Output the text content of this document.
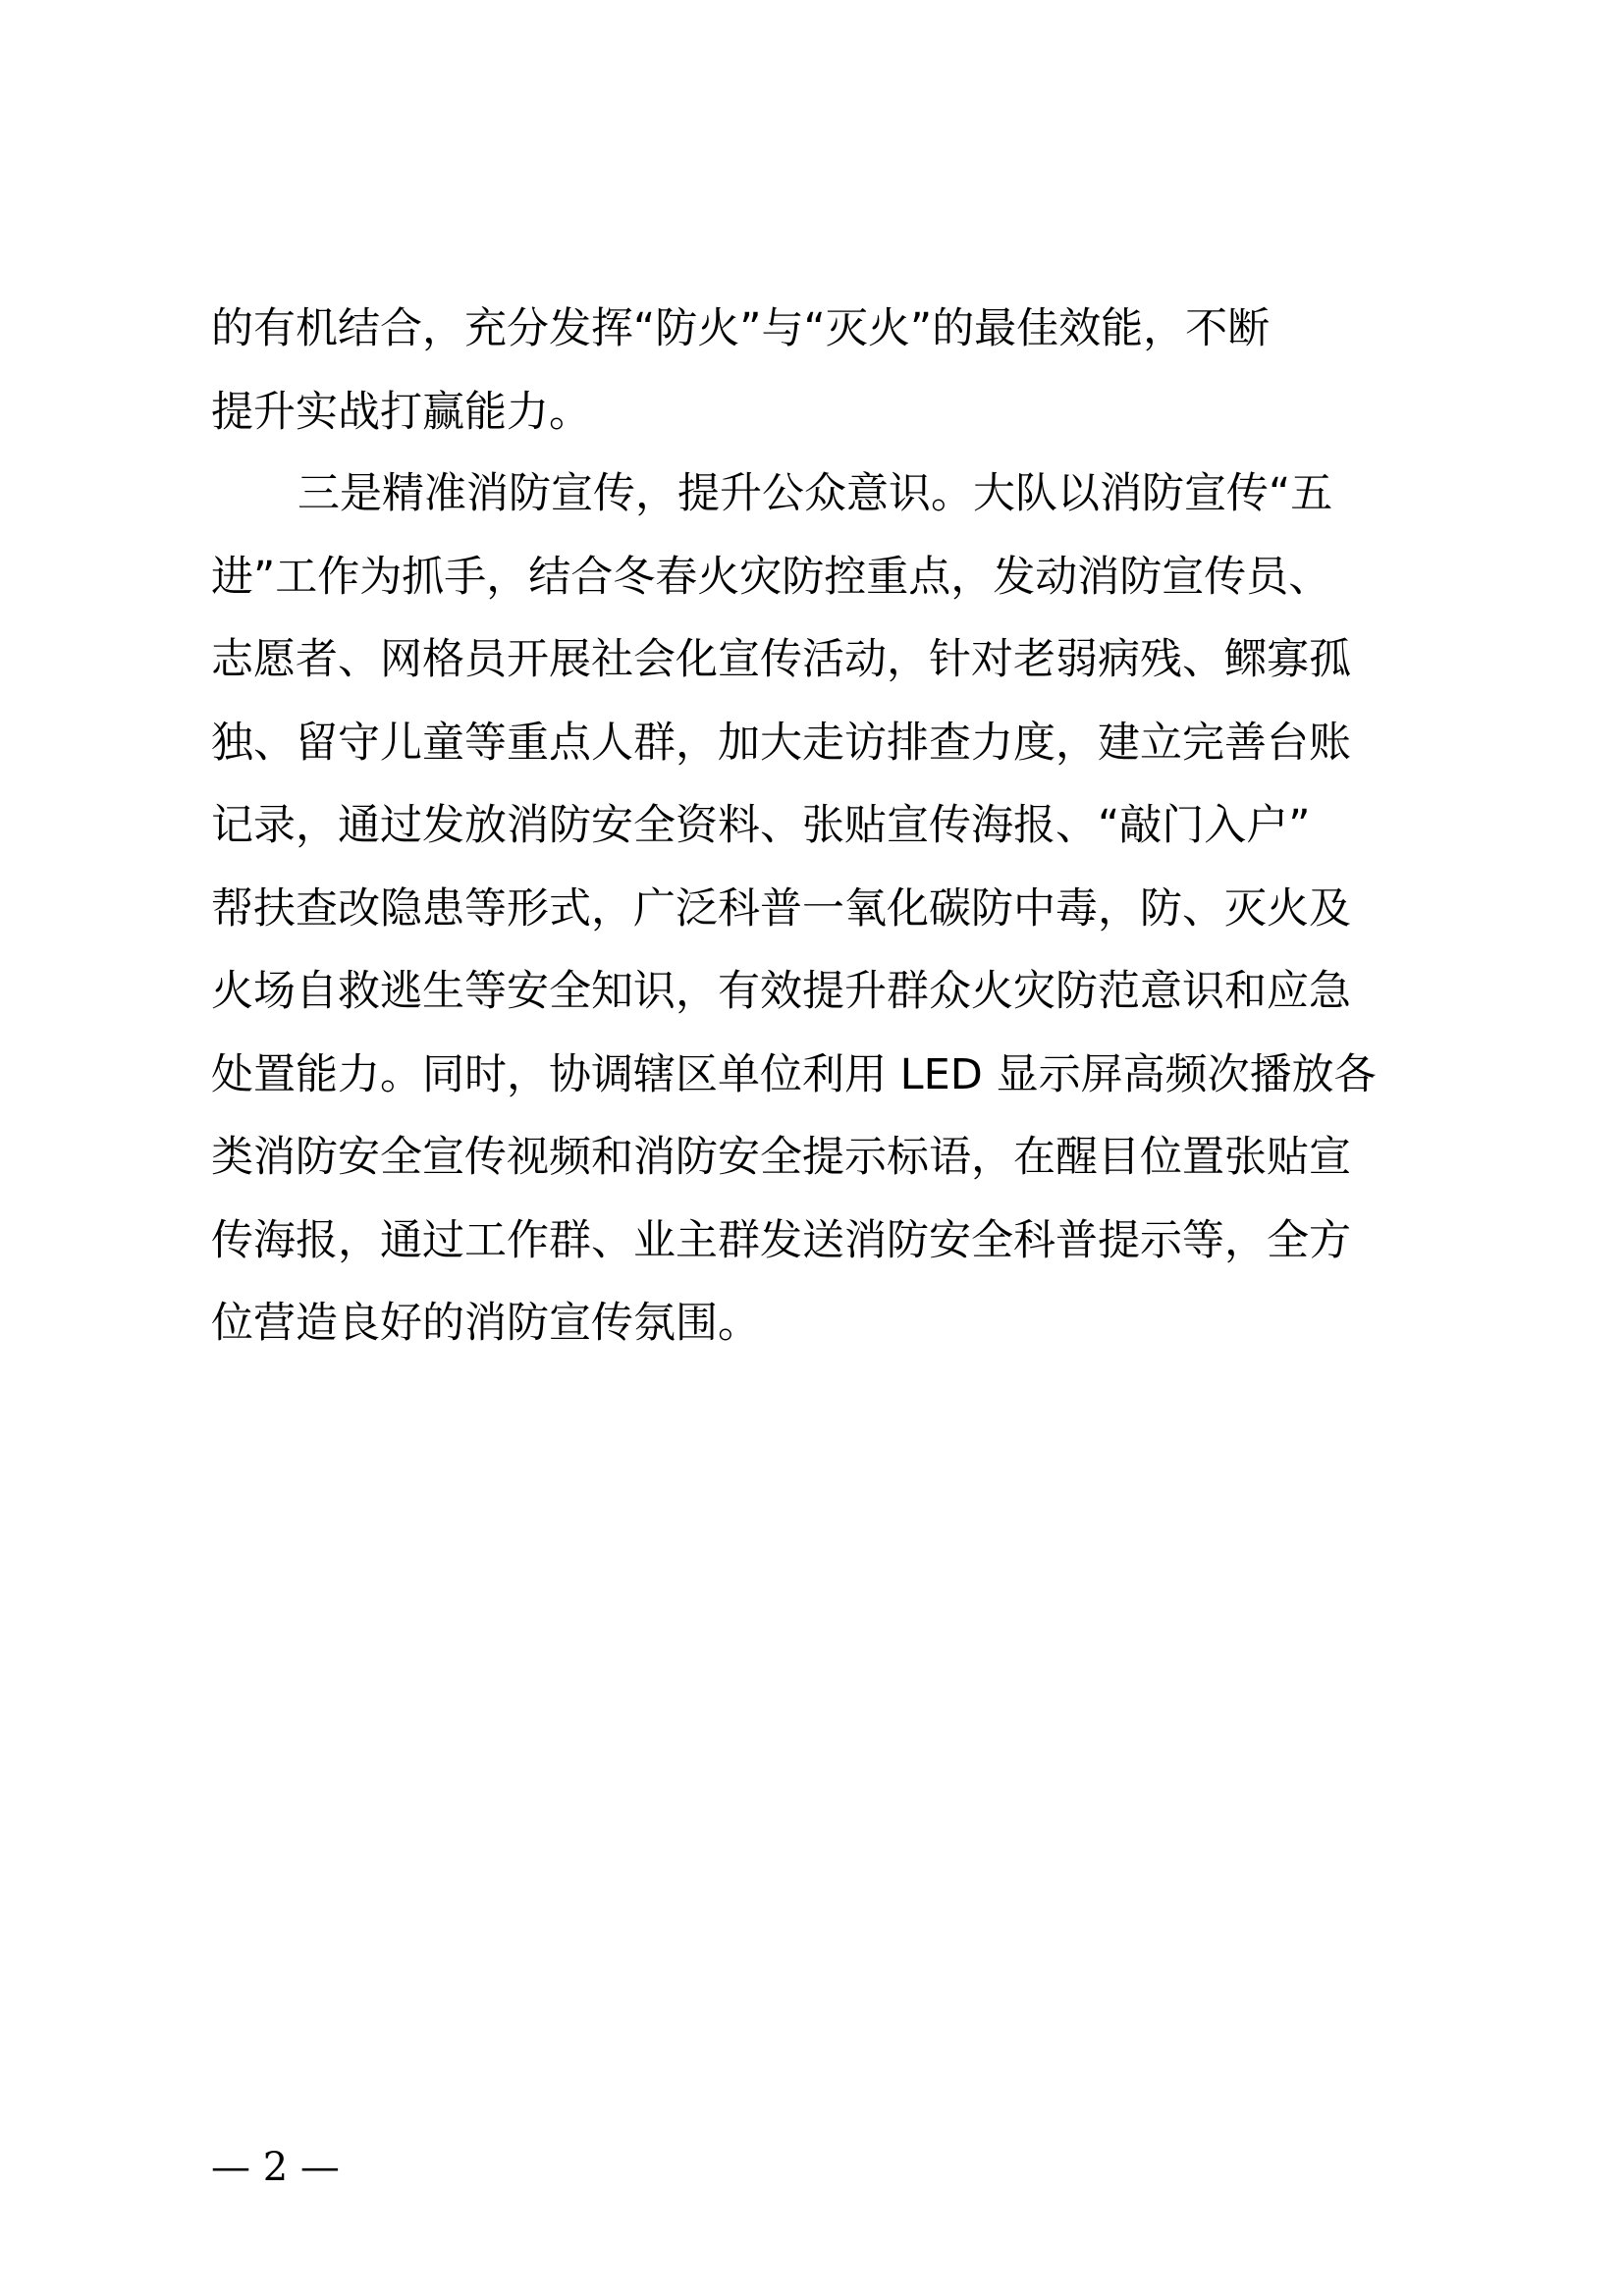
的有机结合，充分发挥“防火”与“灭火”的最佳效能，不断
提升实战打赢能力。
三是精准消防宣传，提升公众意识。大队以消防宣传“五
进”工作为抓手，结合冬春火灾防控重点，发动消防宣传员、
志愿者、网格员开展社会化宣传活动，针对老弱病残、鳏寡孤
独、留守儿童等重点人群，加大走访排查力度，建立完善台账
记录，通过发放消防安全资料、张贴宣传海报、“敲门入户”
帮扶查改隐患等形式，广泛科普一氧化碳防中毒，防、灭火及
火场自救逃生等安全知识，有效提升群众火灾防范意识和应急
处置能力。同时，协调辖区单位利用 LED 显示屏高频次播放各
类消防安全宣传视频和消防安全提示标语，在醒目位置张贴宣
传海报，通过工作群、业主群发送消防安全科普提示等，全方
位营造良好的消防宣传氛围。
— 2 —
